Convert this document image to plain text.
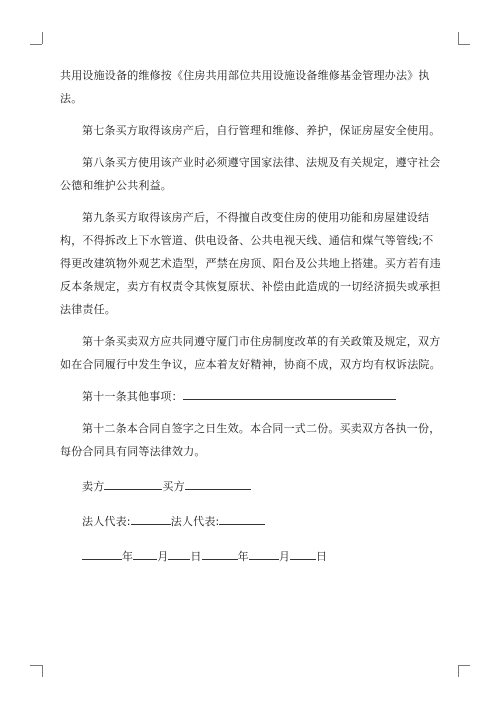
共用设施设备的维修按《住房共用部位共用设施设备维修基金管理办法》执法。

第七条买方取得该房产后，自行管理和维修、养护，保证房屋安全使用。

第八条买方使用该产业时必须遵守国家法律、法规及有关规定，遵守社会公德和维护公共利益。

第九条买方取得该房产后，不得擅自改变住房的使用功能和房屋建设结构，不得拆改上下水管道、供电设备、公共电视天线、通信和煤气等管线;不得更改建筑物外观艺术造型，严禁在房顶、阳台及公共地上搭建。买方若有违反本条规定，卖方有权责令其恢复原状、补偿由此造成的一切经济损失或承担法律责任。

第十条买卖双方应共同遵守厦门市住房制度改革的有关政策及规定，双方如在合同履行中发生争议，应本着友好精神，协商不成，双方均有权诉法院。

第十一条其他事项：

第十二条本合同自签字之日生效。本合同一式二份。买卖双方各执一份，每份合同具有同等法律效力。

卖方	买方

法人代表:	法人代表:

年 月 日	年	月 日
